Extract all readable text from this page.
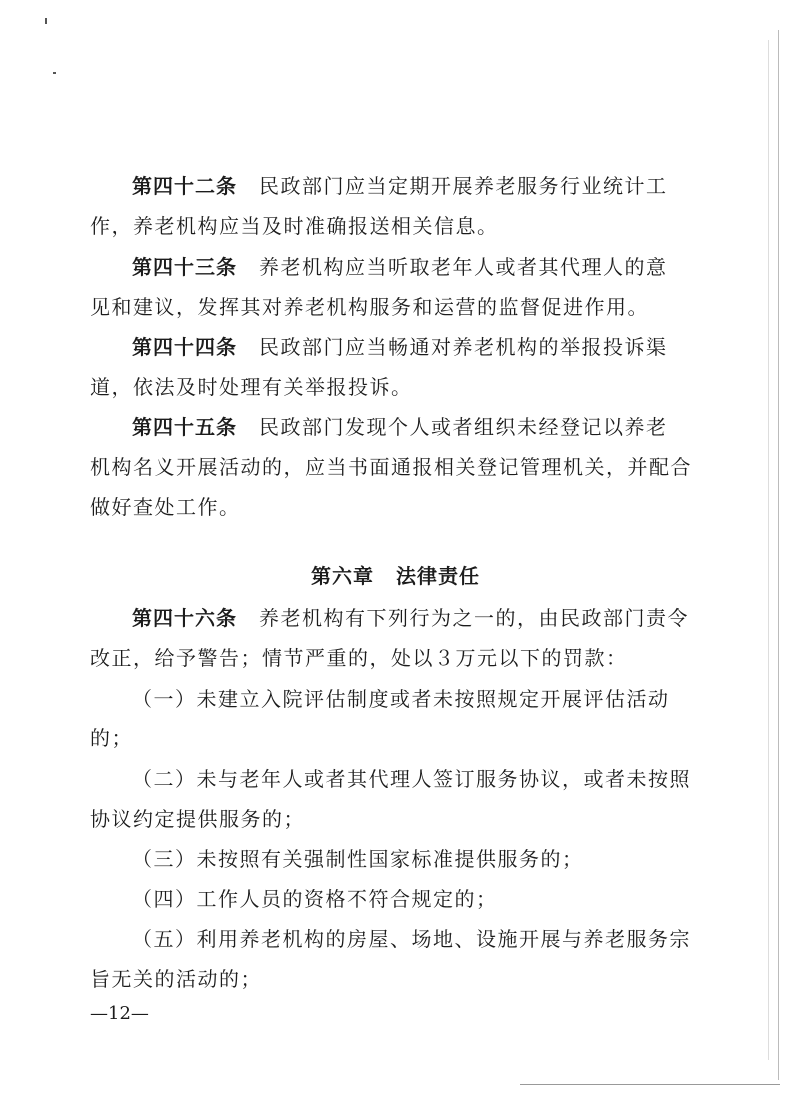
第四十二条 民政部门应当定期开展养老服务行业统计工
作，养老机构应当及时准确报送相关信息。
第四十三条 养老机构应当听取老年人或者其代理人的意
见和建议，发挥其对养老机构服务和运营的监督促进作用。
第四十四条 民政部门应当畅通对养老机构的举报投诉渠
道，依法及时处理有关举报投诉。
第四十五条 民政部门发现个人或者组织未经登记以养老
机构名义开展活动的，应当书面通报相关登记管理机关，并配合
做好查处工作。
第六章 法律责任
第四十六条 养老机构有下列行为之一的，由民政部门责令
改正，给予警告；情节严重的，处以３万元以下的罚款：
（一）未建立入院评估制度或者未按照规定开展评估活动
的；
（二）未与老年人或者其代理人签订服务协议，或者未按照
协议约定提供服务的；
（三）未按照有关强制性国家标准提供服务的；
（四）工作人员的资格不符合规定的；
（五）利用养老机构的房屋、场地、设施开展与养老服务宗
旨无关的活动的；
—12—
